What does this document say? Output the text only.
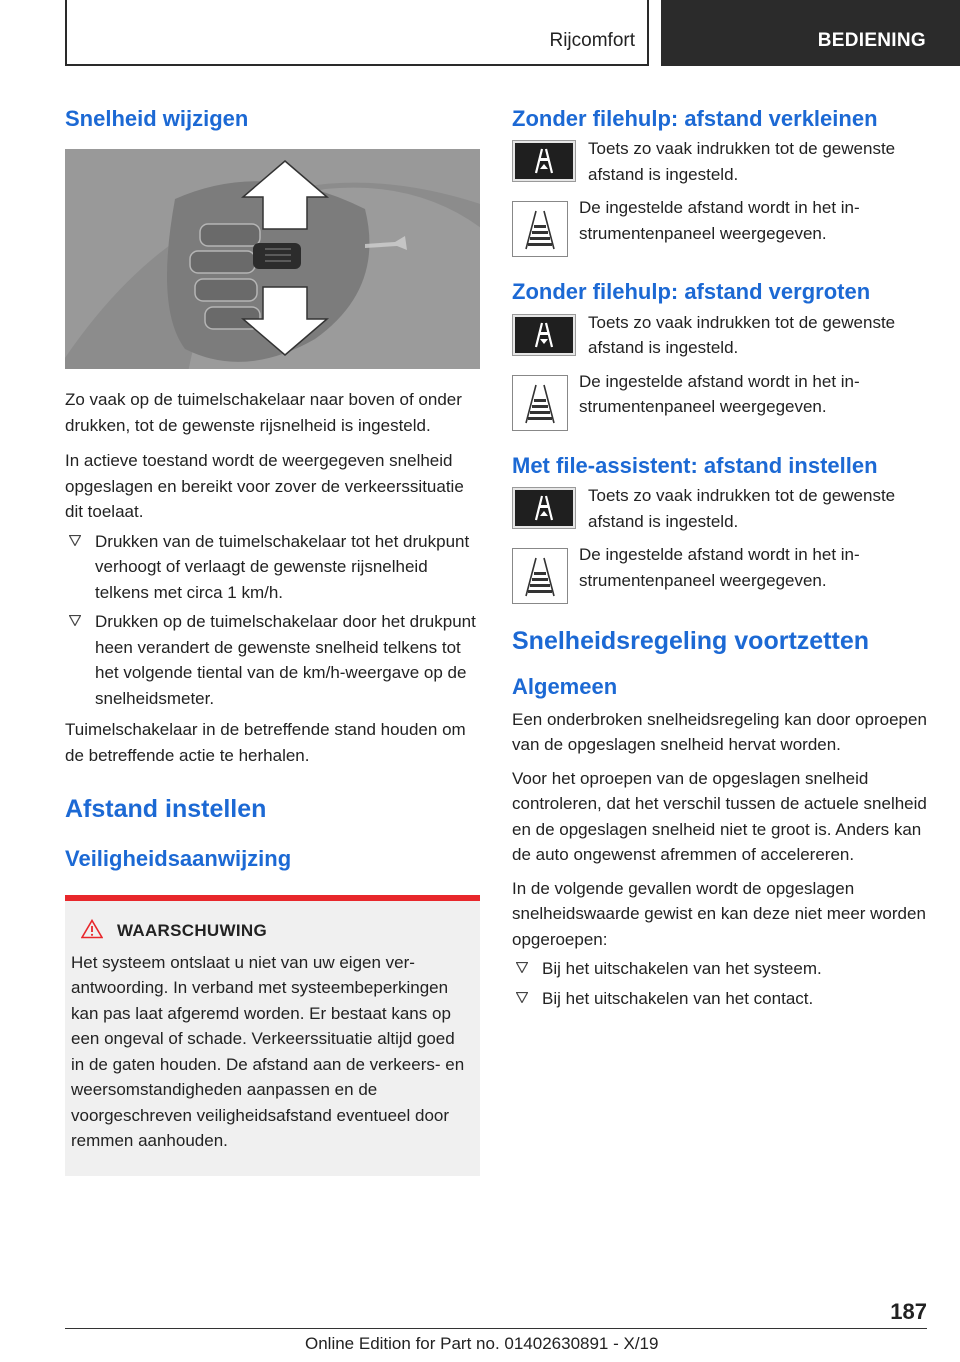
Rijcomfort	BEDIENING
Snelheid wijzigen

Zo vaak op de tuimelschakelaar naar boven of onder drukken, tot de gewenste rijsnelheid is ingesteld.

In actieve toestand wordt de weergegeven snelheid opgeslagen en bereikt voor zover de verkeerssituatie dit toelaat.

Drukken van de tuimelschakelaar tot het drukpunt verhoogt of verlaagt de gewenste rijsnelheid telkens met circa 1 km/h.
Drukken op de tuimelschakelaar door het drukpunt heen verandert de gewenste snelheid telkens tot het volgende tiental van de km/h-weergave op de snelheidsmeter.

Tuimelschakelaar in de betreffende stand houden om de betreffende actie te herhalen.

Afstand instellen
Veiligheidsaanwijzing
WAARSCHUWING

Het systeem ontslaat u niet van uw eigen verantwoording. In verband met systeembeperkingen kan pas laat afgeremd worden. Er bestaat kans op een ongeval of schade. Verkeerssituatie altijd goed in de gaten houden. De afstand aan de verkeers- en weersomstandigheden aanpassen en de voorgeschreven veiligheidsafstand eventueel door remmen aanhouden.

Zonder filehulp: afstand verkleinen
Toets zo vaak indrukken tot de gewenste afstand is ingesteld.
De ingestelde afstand wordt in het instrumentenpaneel weergegeven.
Zonder filehulp: afstand vergroten
Toets zo vaak indrukken tot de gewenste afstand is ingesteld.
De ingestelde afstand wordt in het instrumentenpaneel weergegeven.
Met file-assistent: afstand instellen
Toets zo vaak indrukken tot de gewenste afstand is ingesteld.
De ingestelde afstand wordt in het instrumentenpaneel weergegeven.
Snelheidsregeling voortzetten
Algemeen

Een onderbroken snelheidsregeling kan door oproepen van de opgeslagen snelheid hervat worden.

Voor het oproepen van de opgeslagen snelheid controleren, dat het verschil tussen de actuele snelheid en de opgeslagen snelheid niet te groot is. Anders kan de auto ongewenst afremmen of accelereren.

In de volgende gevallen wordt de opgeslagen snelheidswaarde gewist en kan deze niet meer worden opgeroepen:

Bij het uitschakelen van het systeem.
Bij het uitschakelen van het contact.
187
Online Edition for Part no. 01402630891 - X/19
